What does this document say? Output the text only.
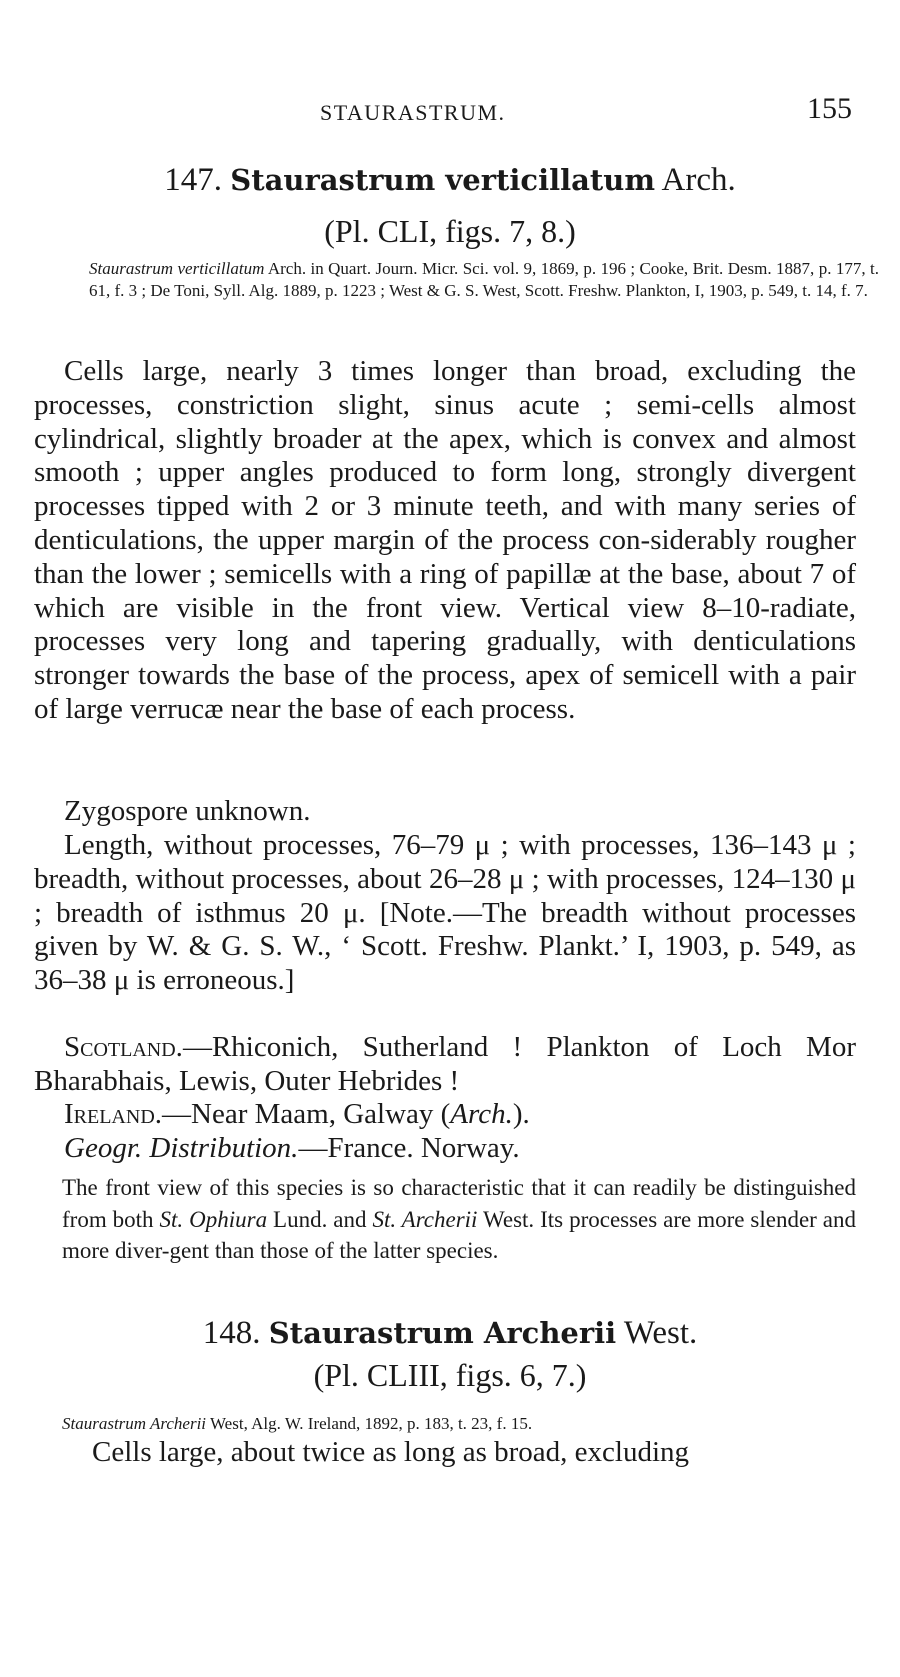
STAURASTRUM.	155
147. Staurastrum verticillatum Arch.
(Pl. CLI, figs. 7, 8.)
Staurastrum verticillatum Arch. in Quart. Journ. Micr. Sci. vol. 9, 1869, p. 196 ; Cooke, Brit. Desm. 1887, p. 177, t. 61, f. 3 ; De Toni, Syll. Alg. 1889, p. 1223 ; West & G. S. West, Scott. Freshw. Plankton, I, 1903, p. 549, t. 14, f. 7.
Cells large, nearly 3 times longer than broad, excluding the processes, constriction slight, sinus acute ; semi-cells almost cylindrical, slightly broader at the apex, which is convex and almost smooth ; upper angles produced to form long, strongly divergent processes tipped with 2 or 3 minute teeth, and with many series of denticulations, the upper margin of the process con-siderably rougher than the lower ; semicells with a ring of papillæ at the base, about 7 of which are visible in the front view. Vertical view 8–10-radiate, processes very long and tapering gradually, with denticulations stronger towards the base of the process, apex of semicell with a pair of large verrucæ near the base of each process.
Zygospore unknown.
Length, without processes, 76–79 μ ; with processes, 136–143 μ ; breadth, without processes, about 26–28 μ ; with processes, 124–130 μ ; breadth of isthmus 20 μ. [Note.—The breadth without processes given by W. & G. S. W., ‘ Scott. Freshw. Plankt.’ I, 1903, p. 549, as 36–38 μ is erroneous.]
Scotland.—Rhiconich, Sutherland ! Plankton of Loch Mor Bharabhais, Lewis, Outer Hebrides !
Ireland.—Near Maam, Galway (Arch.).
Geogr. Distribution.—France. Norway.
The front view of this species is so characteristic that it can readily be distinguished from both St. Ophiura Lund. and St. Archerii West. Its processes are more slender and more diver-gent than those of the latter species.
148. Staurastrum Archerii West.
(Pl. CLIII, figs. 6, 7.)
Staurastrum Archerii West, Alg. W. Ireland, 1892, p. 183, t. 23, f. 15.
Cells large, about twice as long as broad, excluding
